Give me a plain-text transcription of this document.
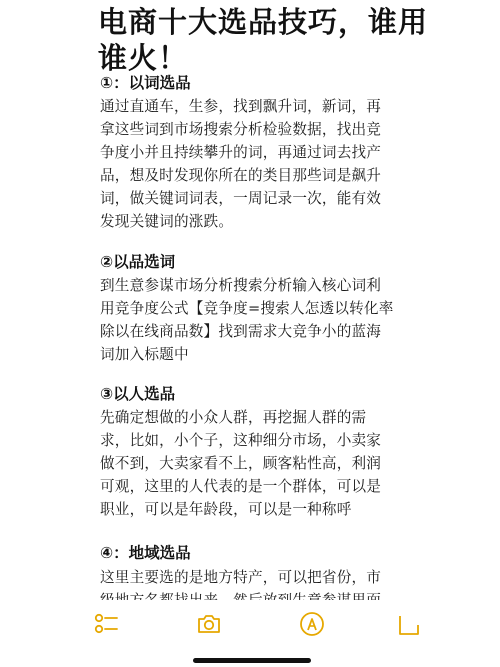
电商十大选品技巧，谁用
谁火！
①：以词选品
通过直通车，生参，找到飘升词，新词，再
拿这些词到市场搜索分析检验数据，找出竞
争度小并且持续攀升的词，再通过词去找产
品，想及时发现你所在的类目那些词是飙升
词，做关键词词表，一周记录一次，能有效
发现关键词的涨跌。
②以品选词
到生意参谋市场分析搜索分析输入核心词利
用竞争度公式【竞争度=搜索人怎透以转化率
除以在线商品数】找到需求大竞争小的蓝海
词加入标题中
③以人选品
先确定想做的小众人群，再挖掘人群的需
求，比如，小个子，这种细分市场，小卖家
做不到，大卖家看不上，顾客粘性高，利润
可观，这里的人代表的是一个群体，可以是
职业，可以是年龄段，可以是一种称呼
④：地域选品
这里主要选的是地方特产，可以把省份，市
